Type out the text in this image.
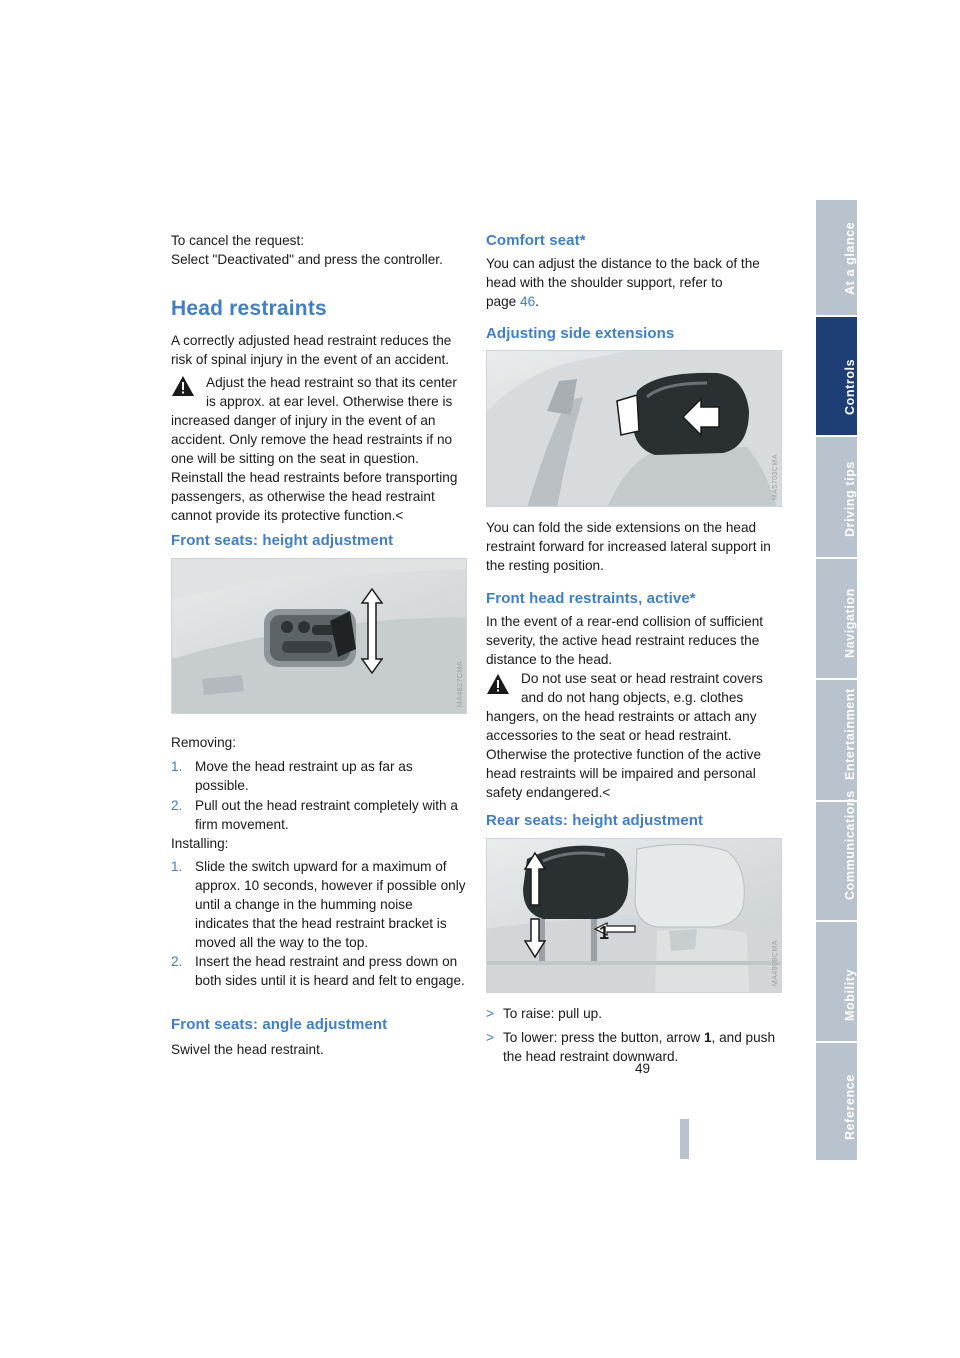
To cancel the request:

Select "Deactivated" and press the controller.

Head restraints

A correctly adjusted head restraint reduces the risk of spinal injury in the event of an accident.

Adjust the head restraint so that its center is approx. at ear level. Otherwise there is

increased danger of injury in the event of an accident. Only remove the head restraints if no one will be sitting on the seat in question. Reinstall the head restraints before transporting passengers, as otherwise the head restraint cannot provide its protective function.<

Front seats: height adjustment
MA4827CMA

Removing:

1. Move the head restraint up as far as possible.
2. Pull out the head restraint completely with a firm movement.

Installing:

1. Slide the switch upward for a maximum of approx. 10 seconds, however if possible only until a change in the humming noise indicates that the head restraint bracket is moved all the way to the top.
2. Insert the head restraint and press down on both sides until it is heard and felt to engage.
Front seats: angle adjustment

Swivel the head restraint.

Comfort seat*

You can adjust the distance to the back of the head with the shoulder support, refer to

page 46.

Adjusting side extensions
MA5703CMA

You can fold the side extensions on the head restraint forward for increased lateral support in the resting position.

Front head restraints, active*

In the event of a rear-end collision of sufficient severity, the active head restraint reduces the distance to the head.

Do not use seat or head restraint covers and do not hang objects, e.g. clothes

hangers, on the head restraints or attach any accessories to the seat or head restraint. Otherwise the protective function of the active head restraints will be impaired and personal safety endangered.<

Rear seats: height adjustment
1
MA4808CMA
> To raise: pull up.
> To lower: press the button, arrow 1, and push the head restraint downward.
49
At a glance
Controls
Driving tips
Navigation
Entertainment
Communications
Mobility
Reference
